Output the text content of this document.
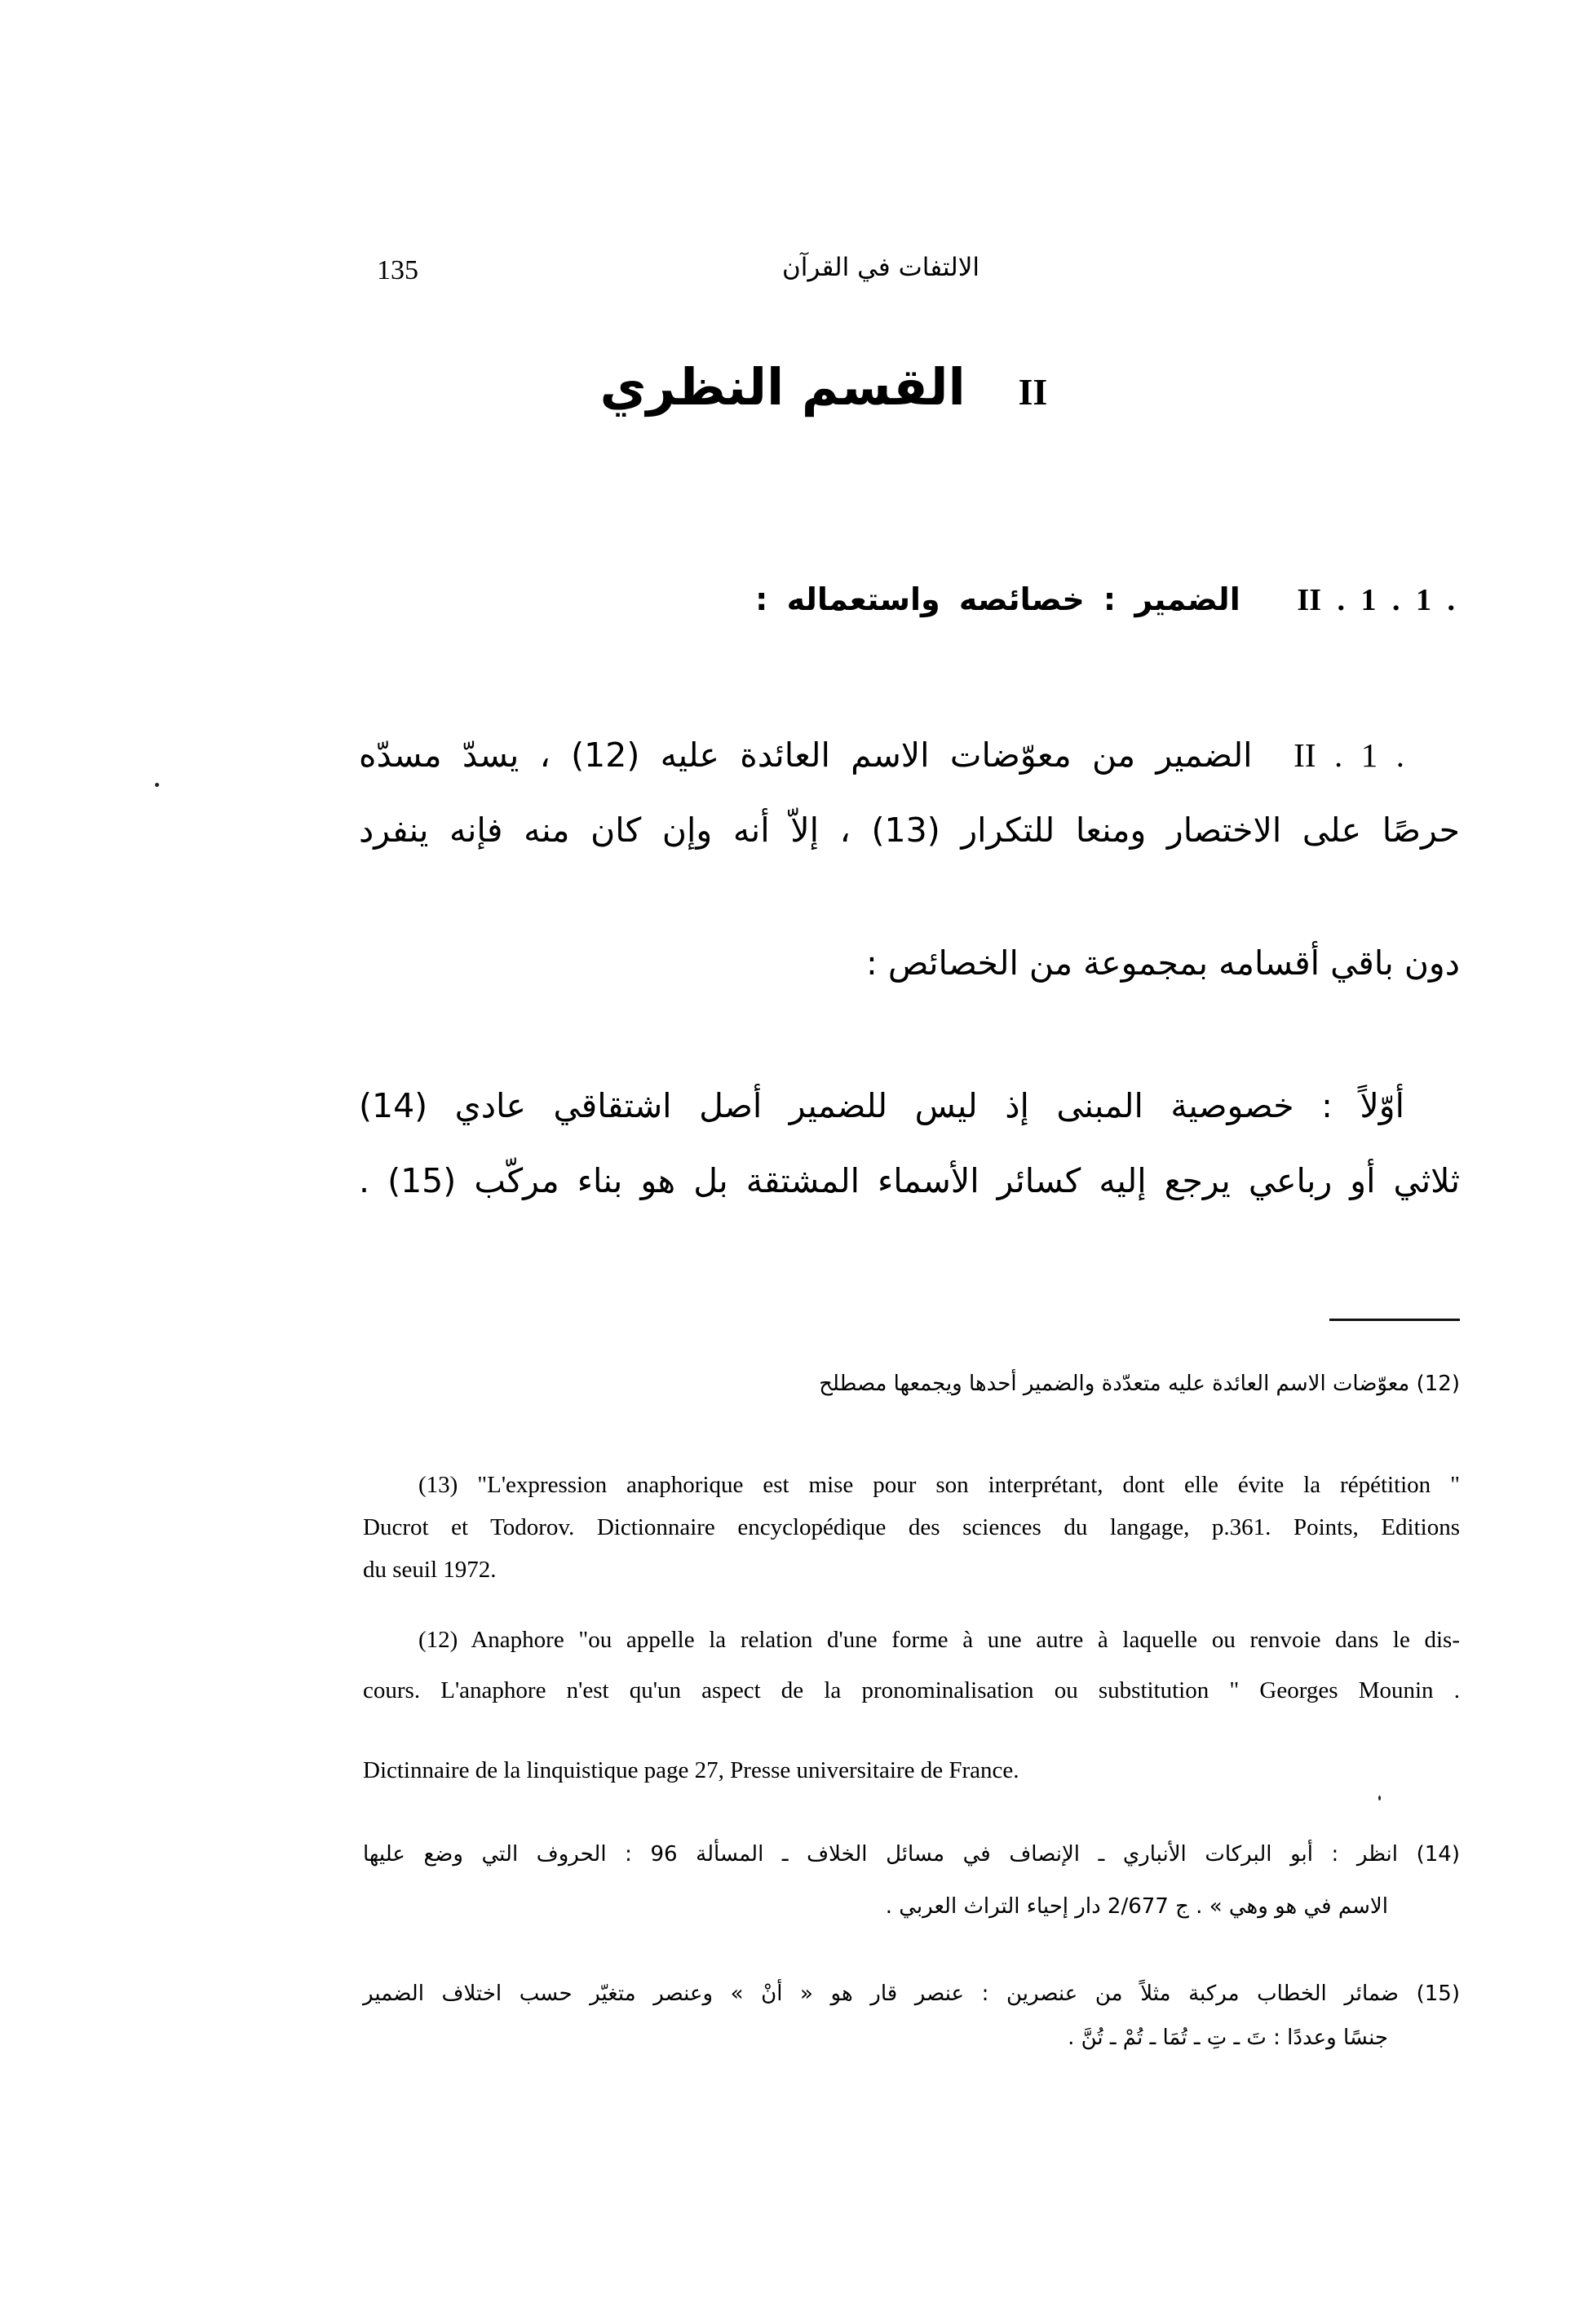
135	الالتفات في القرآن
II   القسم النظري
II . 1 . 1 .   الضمير : خصائصه واستعماله :
II . 1 .  الضمير من معوّضات الاسم العائدة عليه (12) ، يسدّ مسدّه
حرصًا على الاختصار ومنعا للتكرار (13) ، إلاّ أنه وإن كان منه فإنه ينفرد
دون باقي أقسامه بمجموعة من الخصائص :
أوّلاً : خصوصية المبنى إذ ليس للضمير أصل اشتقاقي عادي (14)
ثلاثي أو رباعي يرجع إليه كسائر الأسماء المشتقة بل هو بناء مركّب (15) .
(12) معوّضات الاسم العائدة عليه متعدّدة والضمير أحدها ويجمعها مصطلح
(13) "L'expression anaphorique est mise pour son interprétant, dont elle évite la répétition "
Ducrot et Todorov. Dictionnaire encyclopédique des sciences du langage, p.361. Points, Editions
du seuil 1972.
(12) Anaphore "ou appelle la relation d'une forme à une autre à laquelle ou renvoie dans le dis-
cours. L'anaphore n'est qu'un aspect de la pronominalisation ou substitution " Georges Mounin .
Dictinnaire de la linquistique page 27, Presse universitaire de France.
(14) انظر : أبو البركات الأنباري ـ الإنصاف في مسائل الخلاف ـ المسألة 96 : الحروف التي وضع عليها
الاسم في هو وهي » . ج 2/677 دار إحياء التراث العربي .
(15) ضمائر الخطاب مركبة مثلاً من عنصرين : عنصر قار هو « أنْ » وعنصر متغيّر حسب اختلاف الضمير
جنسًا وعددًا : تَ ـ تِ ـ تُمَا ـ تُمْ ـ تُنَّ .
